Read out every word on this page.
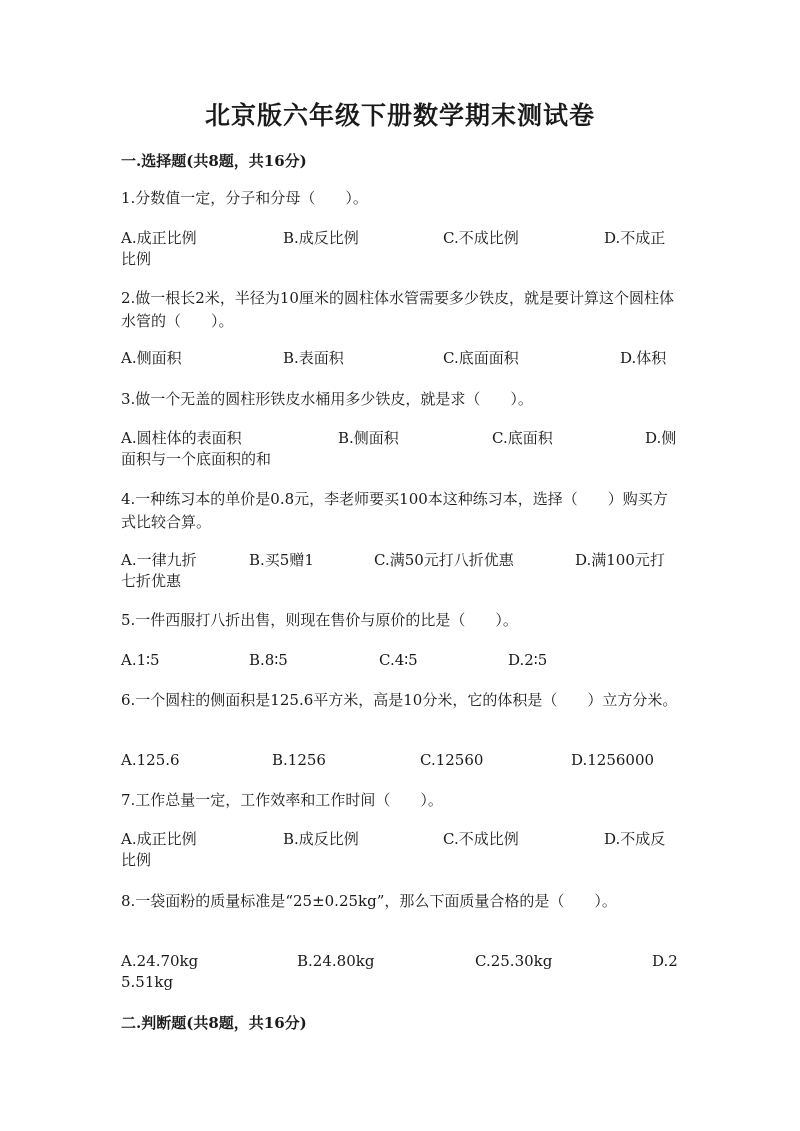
北京版六年级下册数学期末测试卷
一.选择题(共8题，共16分)
1.分数值一定，分子和分母（　　）。
A.成正比例	B.成反比例	C.不成比例	D.不成正
比例
2.做一根长2米，半径为10厘米的圆柱体水管需要多少铁皮，就是要计算这个圆柱体水管的（　　）。
A.侧面积	B.表面积	C.底面面积	D.体积
3.做一个无盖的圆柱形铁皮水桶用多少铁皮，就是求（　　）。
A.圆柱体的表面积	B.侧面积	C.底面积	D.侧
面积与一个底面积的和
4.一种练习本的单价是0.8元，李老师要买100本这种练习本，选择（　　）购买方式比较合算。
A.一律九折	B.买5赠1	C.满50元打八折优惠	D.满100元打
七折优惠
5.一件西服打八折出售，则现在售价与原价的比是（　　）。
A.1∶5	B.8∶5	C.4∶5	D.2∶5
6.一个圆柱的侧面积是125.6平方米，高是10分米，它的体积是（　　）立方分米。
A.125.6	B.1256	C.12560	D.1256000
7.工作总量一定，工作效率和工作时间（　　）。
A.成正比例	B.成反比例	C.不成比例	D.不成反
比例
8.一袋面粉的质量标准是“25±0.25kg”，那么下面质量合格的是（　　）。
A.24.70kg	B.24.80kg	C.25.30kg	D.2
5.51kg
二.判断题(共8题，共16分)
